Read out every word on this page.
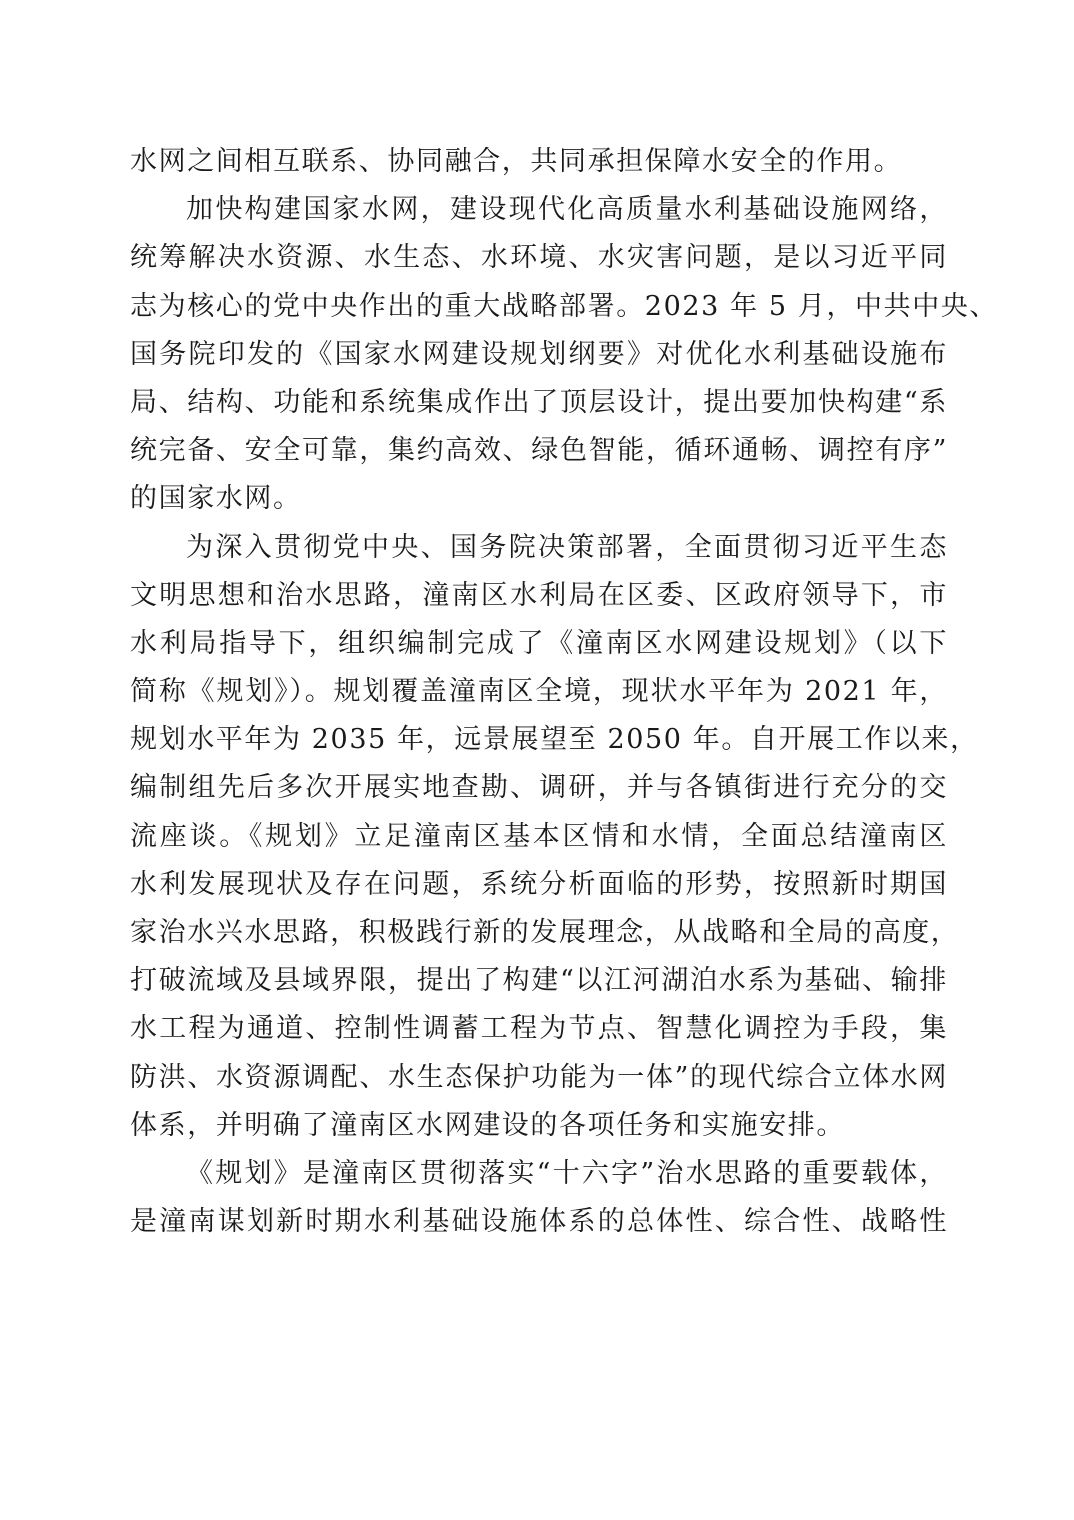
水网之间相互联系、协同融合，共同承担保障水安全的作用。
加快构建国家水网，建设现代化高质量水利基础设施网络，
统筹解决水资源、水生态、水环境、水灾害问题，是以习近平同
志为核心的党中央作出的重大战略部署。2023 年 5 月，中共中央、
国务院印发的《国家水网建设规划纲要》对优化水利基础设施布
局、结构、功能和系统集成作出了顶层设计，提出要加快构建“系
统完备、安全可靠，集约高效、绿色智能，循环通畅、调控有序”
的国家水网。
为深入贯彻党中央、国务院决策部署，全面贯彻习近平生态
文明思想和治水思路，潼南区水利局在区委、区政府领导下，市
水利局指导下，组织编制完成了《潼南区水网建设规划》（以下
简称《规划》）。规划覆盖潼南区全境，现状水平年为 2021 年，
规划水平年为 2035 年，远景展望至 2050 年。自开展工作以来，
编制组先后多次开展实地查勘、调研，并与各镇街进行充分的交
流座谈。《规划》立足潼南区基本区情和水情，全面总结潼南区
水利发展现状及存在问题，系统分析面临的形势，按照新时期国
家治水兴水思路，积极践行新的发展理念，从战略和全局的高度，
打破流域及县域界限，提出了构建“以江河湖泊水系为基础、输排
水工程为通道、控制性调蓄工程为节点、智慧化调控为手段，集
防洪、水资源调配、水生态保护功能为一体”的现代综合立体水网
体系，并明确了潼南区水网建设的各项任务和实施安排。
《规划》是潼南区贯彻落实“十六字”治水思路的重要载体，
是潼南谋划新时期水利基础设施体系的总体性、综合性、战略性
